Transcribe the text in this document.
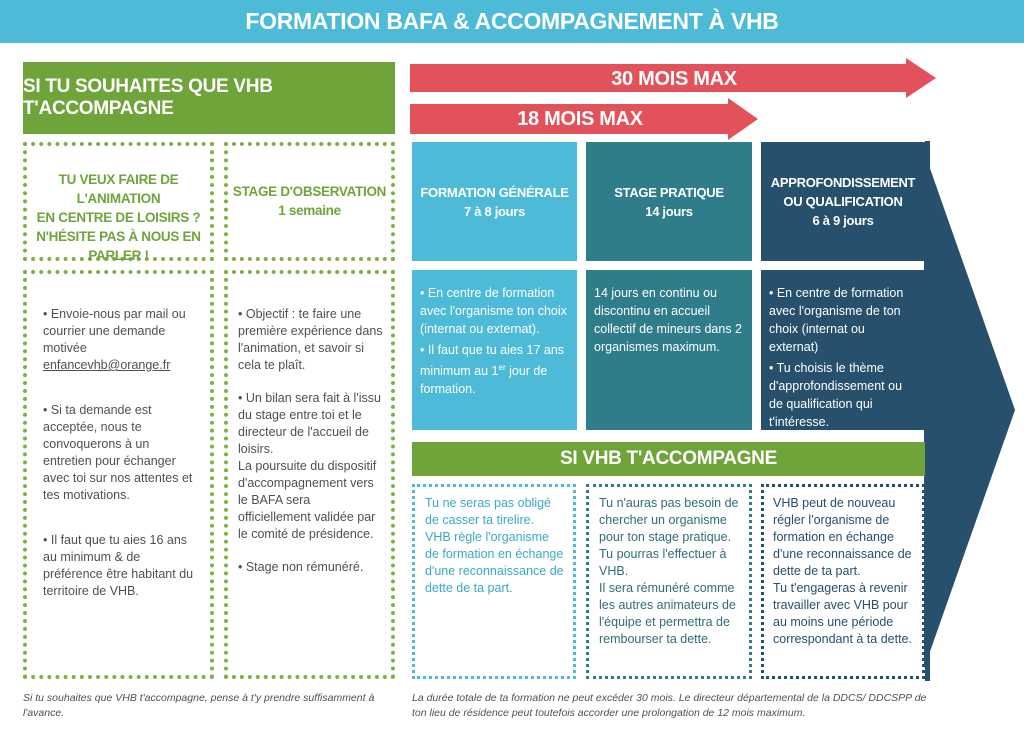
FORMATION BAFA & ACCOMPAGNEMENT À VHB
SI TU SOUHAITES QUE VHB T'ACCOMPAGNE
TU VEUX FAIRE DE L'ANIMATION
EN CENTRE DE LOISIRS ?
N'HÉSITE PAS À NOUS EN PARLER !
STAGE D'OBSERVATION
1 semaine

• Envoie-nous par mail ou courrier une demande motivée
enfancevhb@orange.fr

• Si ta demande est acceptée, nous te convoquerons à un entretien pour échanger avec toi sur nos attentes et tes motivations.

• Il faut que tu aies 16 ans au minimum & de préférence être habitant du territoire de VHB.

• Objectif : te faire une première expérience dans l'animation, et savoir si cela te plaît.

• Un bilan sera fait à l'issu du stage entre toi et le directeur de l'accueil de loisirs.

La poursuite du dispositif d'accompagnement vers le BAFA sera officiellement validée par le comité de présidence.

• Stage non rémunéré.

30 MOIS MAX
18 MOIS MAX
FORMATION GÉNÉRALE
7 à 8 jours
STAGE PRATIQUE
14 jours
APPROFONDISSEMENT
OU QUALIFICATION
6 à 9 jours

• En centre de formation avec l'organisme ton choix (internat ou externat).

• Il faut que tu aies 17 ans minimum au 1er jour de formation.

14 jours en continu ou discontinu en accueil collectif de mineurs dans 2 organismes maximum.

• En centre de formation avec l'organisme de ton choix (internat ou externat)

• Tu choisis le thème d'approfondissement ou de qualification qui t'intéresse.

SI VHB T'ACCOMPAGNE

Tu ne seras pas obligé de casser ta tirelire.

VHB règle l'organisme de formation en échange d'une reconnaissance de dette de ta part.

Tu n'auras pas besoin de chercher un organisme pour ton stage pratique.

Tu pourras l'effectuer à VHB.

Il sera rémunéré comme les autres animateurs de l'équipe et permettra de rembourser ta dette.

VHB peut de nouveau régler l'organisme de formation en échange d'une reconnaissance de dette de ta part.

Tu t'engageras à revenir travailler avec VHB pour au moins une période correspondant à ta dette.

Si tu souhaites que VHB t'accompagne, pense à t'y prendre suffisamment à l'avance.
La durée totale de ta formation ne peut excéder 30 mois. Le directeur départemental de la DDCS/ DDCSPP de ton lieu de résidence peut toutefois accorder une prolongation de 12 mois maximum.
